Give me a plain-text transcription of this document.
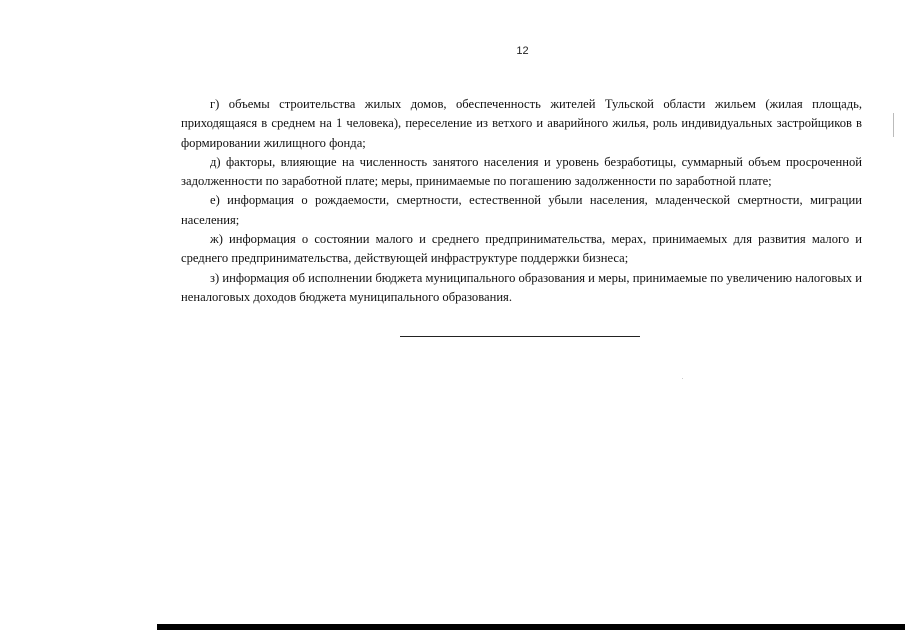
12

г) объемы строительства жилых домов, обеспеченность жителей Тульской области жильем (жилая площадь, приходящаяся в среднем на 1 человека), переселение из ветхого и аварийного жилья, роль индивидуальных застройщиков в формировании жилищного фонда;

д) факторы, влияющие на численность занятого населения и уровень безработицы, суммарный объем просроченной задолженности по заработной плате; меры, принимаемые по погашению задолженности по заработной плате;

е) информация о рождаемости, смертности, естественной убыли населения, младенческой смертности, миграции населения;

ж) информация о состоянии малого и среднего предпринимательства, мерах, принимаемых для развития малого и среднего предпринимательства, действующей инфраструктуре поддержки бизнеса;

з) информация об исполнении бюджета муниципального образования и меры, принимаемые по увеличению налоговых и неналоговых доходов бюджета муниципального образования.
